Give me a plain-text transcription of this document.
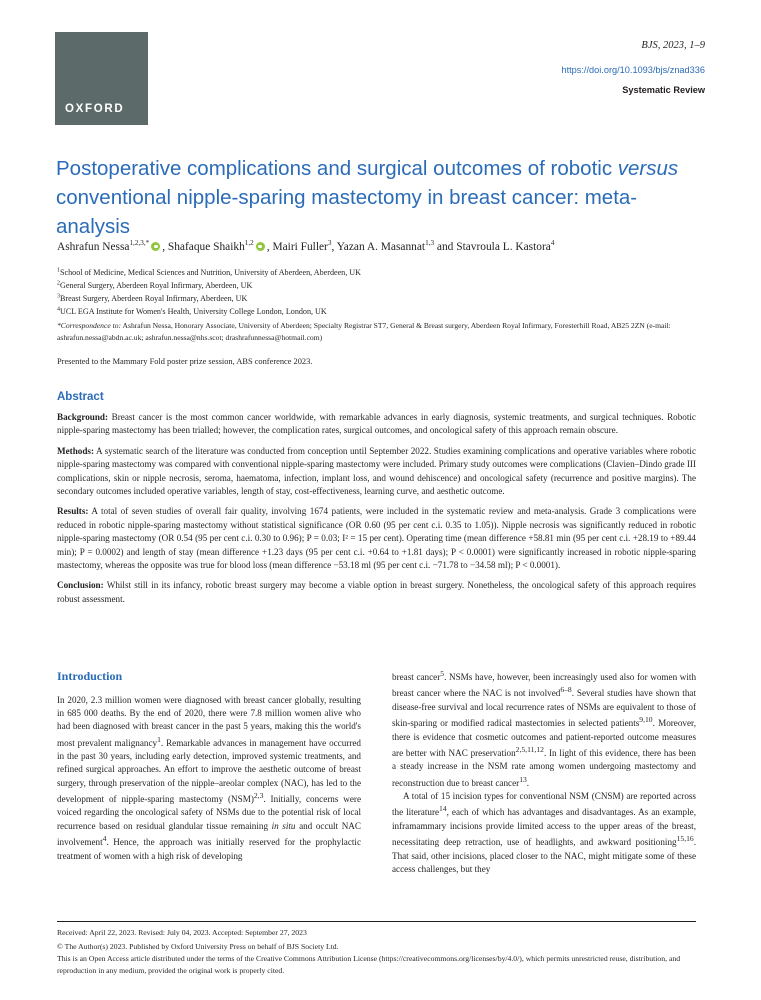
OXFORD
BJS, 2023, 1–9
https://doi.org/10.1093/bjs/znad336
Systematic Review
Postoperative complications and surgical outcomes of robotic versus conventional nipple-sparing mastectomy in breast cancer: meta-analysis
Ashrafun Nessa$^{1,2,3,*}$ , Shafaque Shaikh$^{1,2}$ , Mairi Fuller$^3$, Yazan A. Masannat$^{1,3}$ and Stavroula L. Kastora$^4$
$^1$School of Medicine, Medical Sciences and Nutrition, University of Aberdeen, Aberdeen, UK
$^2$General Surgery, Aberdeen Royal Infirmary, Aberdeen, UK
$^3$Breast Surgery, Aberdeen Royal Infirmary, Aberdeen, UK
$^4$UCL EGA Institute for Women's Health, University College London, London, UK
*Correspondence to: Ashrafun Nessa, Honorary Associate, University of Aberdeen; Specialty Registrar ST7, General & Breast surgery, Aberdeen Royal Infirmary, Foresterhill Road, AB25 2ZN (e-mail: ashrafun.nessa@abdn.ac.uk; ashrafun.nessa@nhs.scot; drashrafunnessa@hotmail.com)
Presented to the Mammary Fold poster prize session, ABS conference 2023.
Abstract

Background: Breast cancer is the most common cancer worldwide, with remarkable advances in early diagnosis, systemic treatments, and surgical techniques. Robotic nipple-sparing mastectomy has been trialled; however, the complication rates, surgical outcomes, and oncological safety of this approach remain obscure.

Methods: A systematic search of the literature was conducted from conception until September 2022. Studies examining complications and operative variables where robotic nipple-sparing mastectomy was compared with conventional nipple-sparing mastectomy were included. Primary study outcomes were complications (Clavien–Dindo grade III complications, skin or nipple necrosis, seroma, haematoma, infection, implant loss, and wound dehiscence) and oncological safety (recurrence and positive margins). The secondary outcomes included operative variables, length of stay, cost-effectiveness, learning curve, and aesthetic outcome.

Results: A total of seven studies of overall fair quality, involving 1674 patients, were included in the systematic review and meta-analysis. Grade 3 complications were reduced in robotic nipple-sparing mastectomy without statistical significance (OR 0.60 (95 per cent c.i. 0.35 to 1.05)). Nipple necrosis was significantly reduced in robotic nipple-sparing mastectomy (OR 0.54 (95 per cent c.i. 0.30 to 0.96); P = 0.03; I² = 15 per cent). Operating time (mean difference +58.81 min (95 per cent c.i. +28.19 to +89.44 min); P = 0.0002) and length of stay (mean difference +1.23 days (95 per cent c.i. +0.64 to +1.81 days); P < 0.0001) were significantly increased in robotic nipple-sparing mastectomy, whereas the opposite was true for blood loss (mean difference −53.18 ml (95 per cent c.i. −71.78 to −34.58 ml); P < 0.0001).

Conclusion: Whilst still in its infancy, robotic breast surgery may become a viable option in breast surgery. Nonetheless, the oncological safety of this approach requires robust assessment.

Introduction

In 2020, 2.3 million women were diagnosed with breast cancer globally, resulting in 685 000 deaths. By the end of 2020, there were 7.8 million women alive who had been diagnosed with breast cancer in the past 5 years, making this the world's most prevalent malignancy$^1$. Remarkable advances in management have occurred in the past 30 years, including early detection, improved systemic treatments, and refined surgical approaches. An effort to improve the aesthetic outcome of breast surgery, through preservation of the nipple–areolar complex (NAC), has led to the development of nipple-sparing mastectomy (NSM)$^{2,3}$. Initially, concerns were voiced regarding the oncological safety of NSMs due to the potential risk of local recurrence based on residual glandular tissue remaining in situ and occult NAC involvement$^4$. Hence, the approach was initially reserved for the prophylactic treatment of women with a high risk of developing

breast cancer$^5$. NSMs have, however, been increasingly used also for women with breast cancer where the NAC is not involved$^{6-8}$. Several studies have shown that disease-free survival and local recurrence rates of NSMs are equivalent to those of skin-sparing or modified radical mastectomies in selected patients$^{9,10}$. Moreover, there is evidence that cosmetic outcomes and patient-reported outcome measures are better with NAC preservation$^{2,5,11,12}$. In light of this evidence, there has been a steady increase in the NSM rate among women undergoing mastectomy and reconstruction due to breast cancer$^{13}$.

A total of 15 incision types for conventional NSM (CNSM) are reported across the literature$^{14}$, each of which has advantages and disadvantages. As an example, inframammary incisions provide limited access to the upper areas of the breast, necessitating deep retraction, use of headlights, and awkward positioning$^{15,16}$. That said, other incisions, placed closer to the NAC, might mitigate some of these access challenges, but they

Received: April 22, 2023. Revised: July 04, 2023. Accepted: September 27, 2023
© The Author(s) 2023. Published by Oxford University Press on behalf of BJS Society Ltd.
This is an Open Access article distributed under the terms of the Creative Commons Attribution License (https://creativecommons.org/licenses/by/4.0/), which permits unrestricted reuse, distribution, and reproduction in any medium, provided the original work is properly cited.
